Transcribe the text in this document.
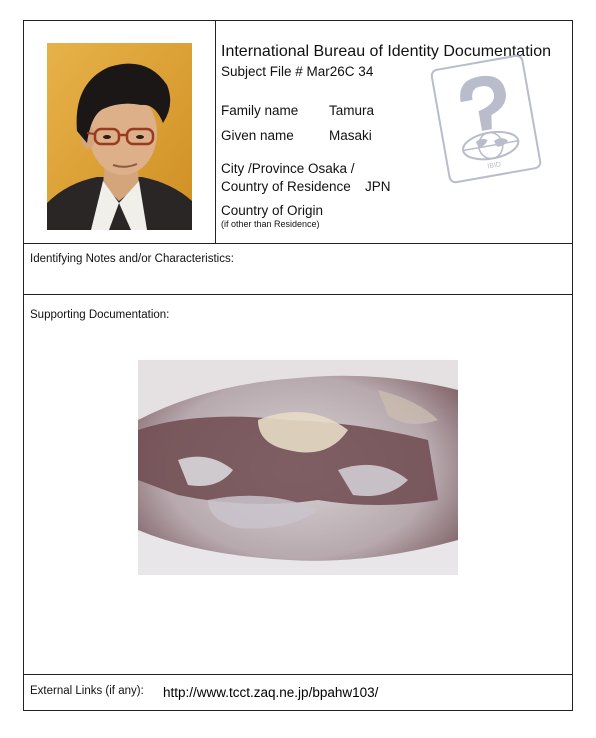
International Bureau of Identity Documentation
Subject File # Mar26C 34
Family name Tamura
Given name	Masaki
City /Province Osaka /
Country of Residence JPN
Country of Origin
(if other than Residence)
IBID
Identifying Notes and/or Characteristics:
Supporting Documentation:
External Links (if any): http://www.tcct.zaq.ne.jp/bpahw103/
